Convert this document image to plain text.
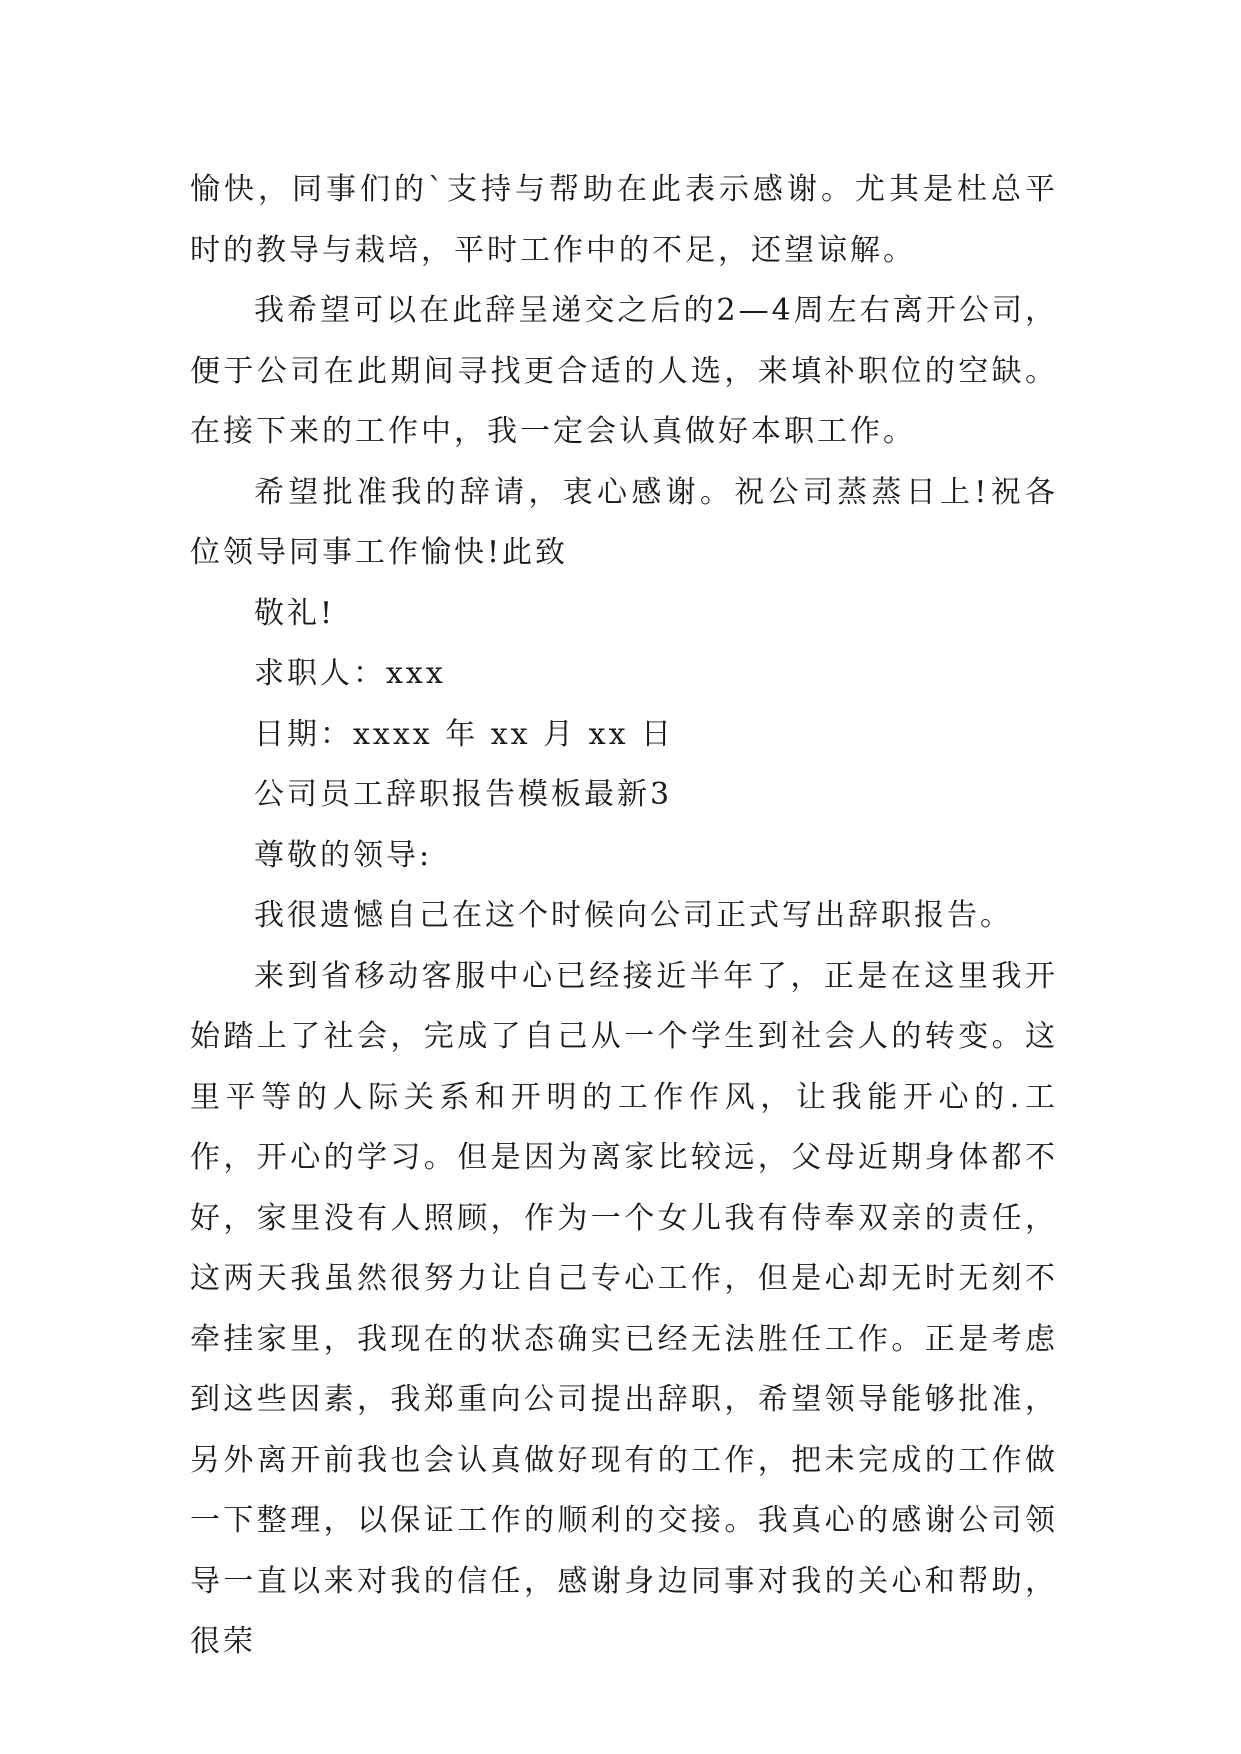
愉快，同事们的`支持与帮助在此表示感谢。尤其是杜总平时的教导与栽培，平时工作中的不足，还望谅解。

我希望可以在此辞呈递交之后的2—4周左右离开公司，便于公司在此期间寻找更合适的人选，来填补职位的空缺。在接下来的工作中，我一定会认真做好本职工作。

希望批准我的辞请，衷心感谢。祝公司蒸蒸日上!祝各位领导同事工作愉快!此致

敬礼!

求职人：xxx

日期：xxxx 年 xx 月 xx 日

公司员工辞职报告模板最新3

尊敬的领导:

我很遗憾自己在这个时候向公司正式写出辞职报告。

来到省移动客服中心已经接近半年了，正是在这里我开始踏上了社会，完成了自己从一个学生到社会人的转变。这里平等的人际关系和开明的工作作风，让我能开心的.工作，开心的学习。但是因为离家比较远，父母近期身体都不好，家里没有人照顾，作为一个女儿我有侍奉双亲的责任，这两天我虽然很努力让自己专心工作，但是心却无时无刻不牵挂家里，我现在的状态确实已经无法胜任工作。正是考虑到这些因素，我郑重向公司提出辞职，希望领导能够批准，另外离开前我也会认真做好现有的工作，把未完成的工作做一下整理，以保证工作的顺利的交接。我真心的感谢公司领导一直以来对我的信任，感谢身边同事对我的关心和帮助，很荣
